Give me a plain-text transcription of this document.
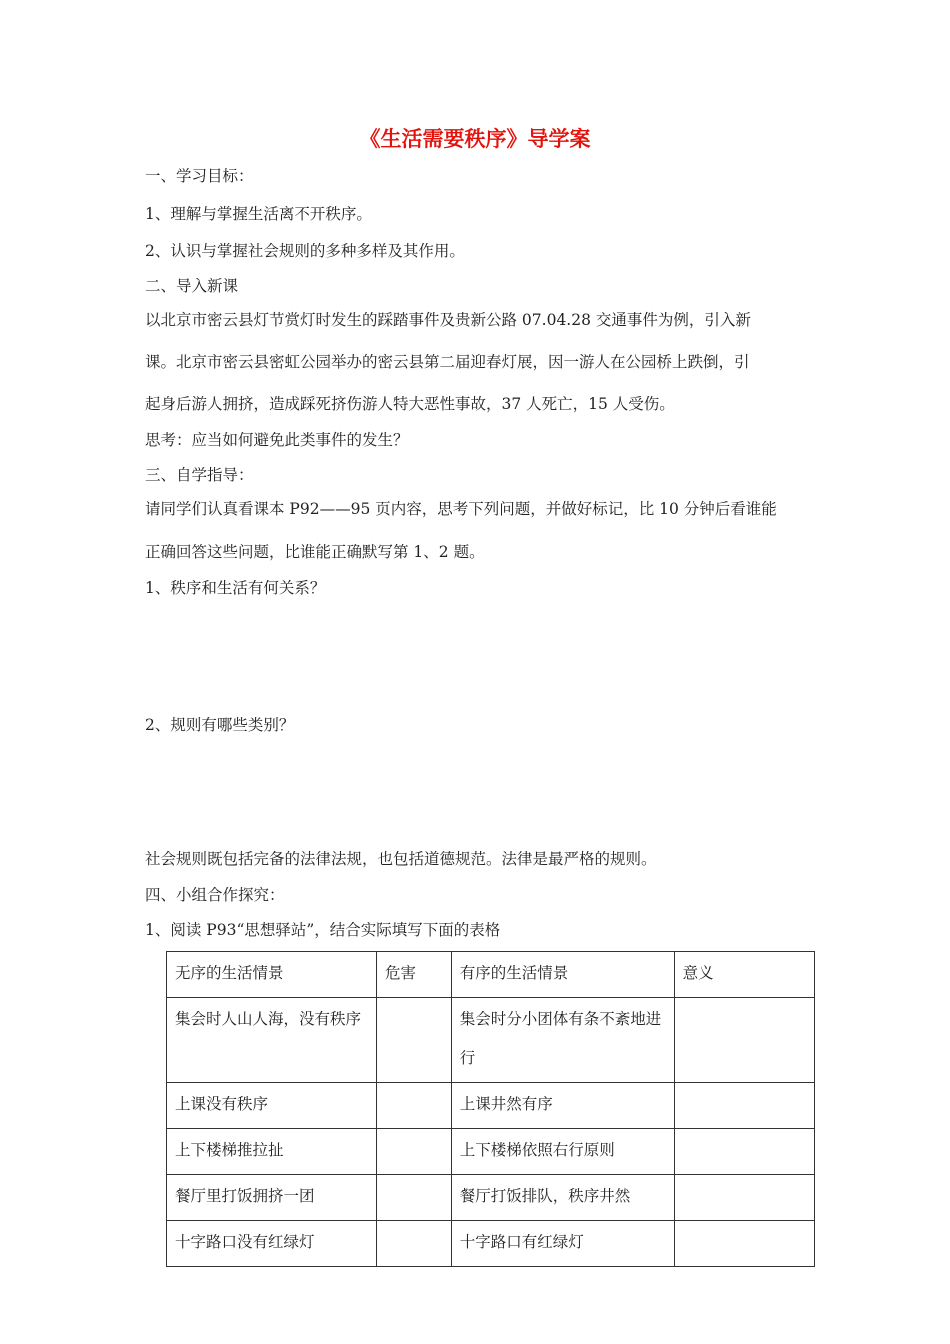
《生活需要秩序》导学案
一、学习目标：
1、理解与掌握生活离不开秩序。
2、认识与掌握社会规则的多种多样及其作用。
二、导入新课
以北京市密云县灯节赏灯时发生的踩踏事件及贵新公路 07.04.28 交通事件为例，引入新
课。北京市密云县密虹公园举办的密云县第二届迎春灯展，因一游人在公园桥上跌倒，引
起身后游人拥挤，造成踩死挤伤游人特大恶性事故，37 人死亡，15 人受伤。
思考：应当如何避免此类事件的发生？
三、自学指导：
请同学们认真看课本 P92——95 页内容，思考下列问题，并做好标记，比 10 分钟后看谁能
正确回答这些问题，比谁能正确默写第 1、2 题。
1、秩序和生活有何关系？
2、规则有哪些类别？
社会规则既包括完备的法律法规，也包括道德规范。法律是最严格的规则。
四、小组合作探究：
1、阅读 P93“思想驿站”，结合实际填写下面的表格
无序的生活情景	危害	有序的生活情景	意义
集会时人山人海，没有秩序		集会时分小团体有条不紊地进行	
上课没有秩序		上课井然有序	
上下楼梯推拉扯		上下楼梯依照右行原则	
餐厅里打饭拥挤一团		餐厅打饭排队，秩序井然	
十字路口没有红绿灯		十字路口有红绿灯	
